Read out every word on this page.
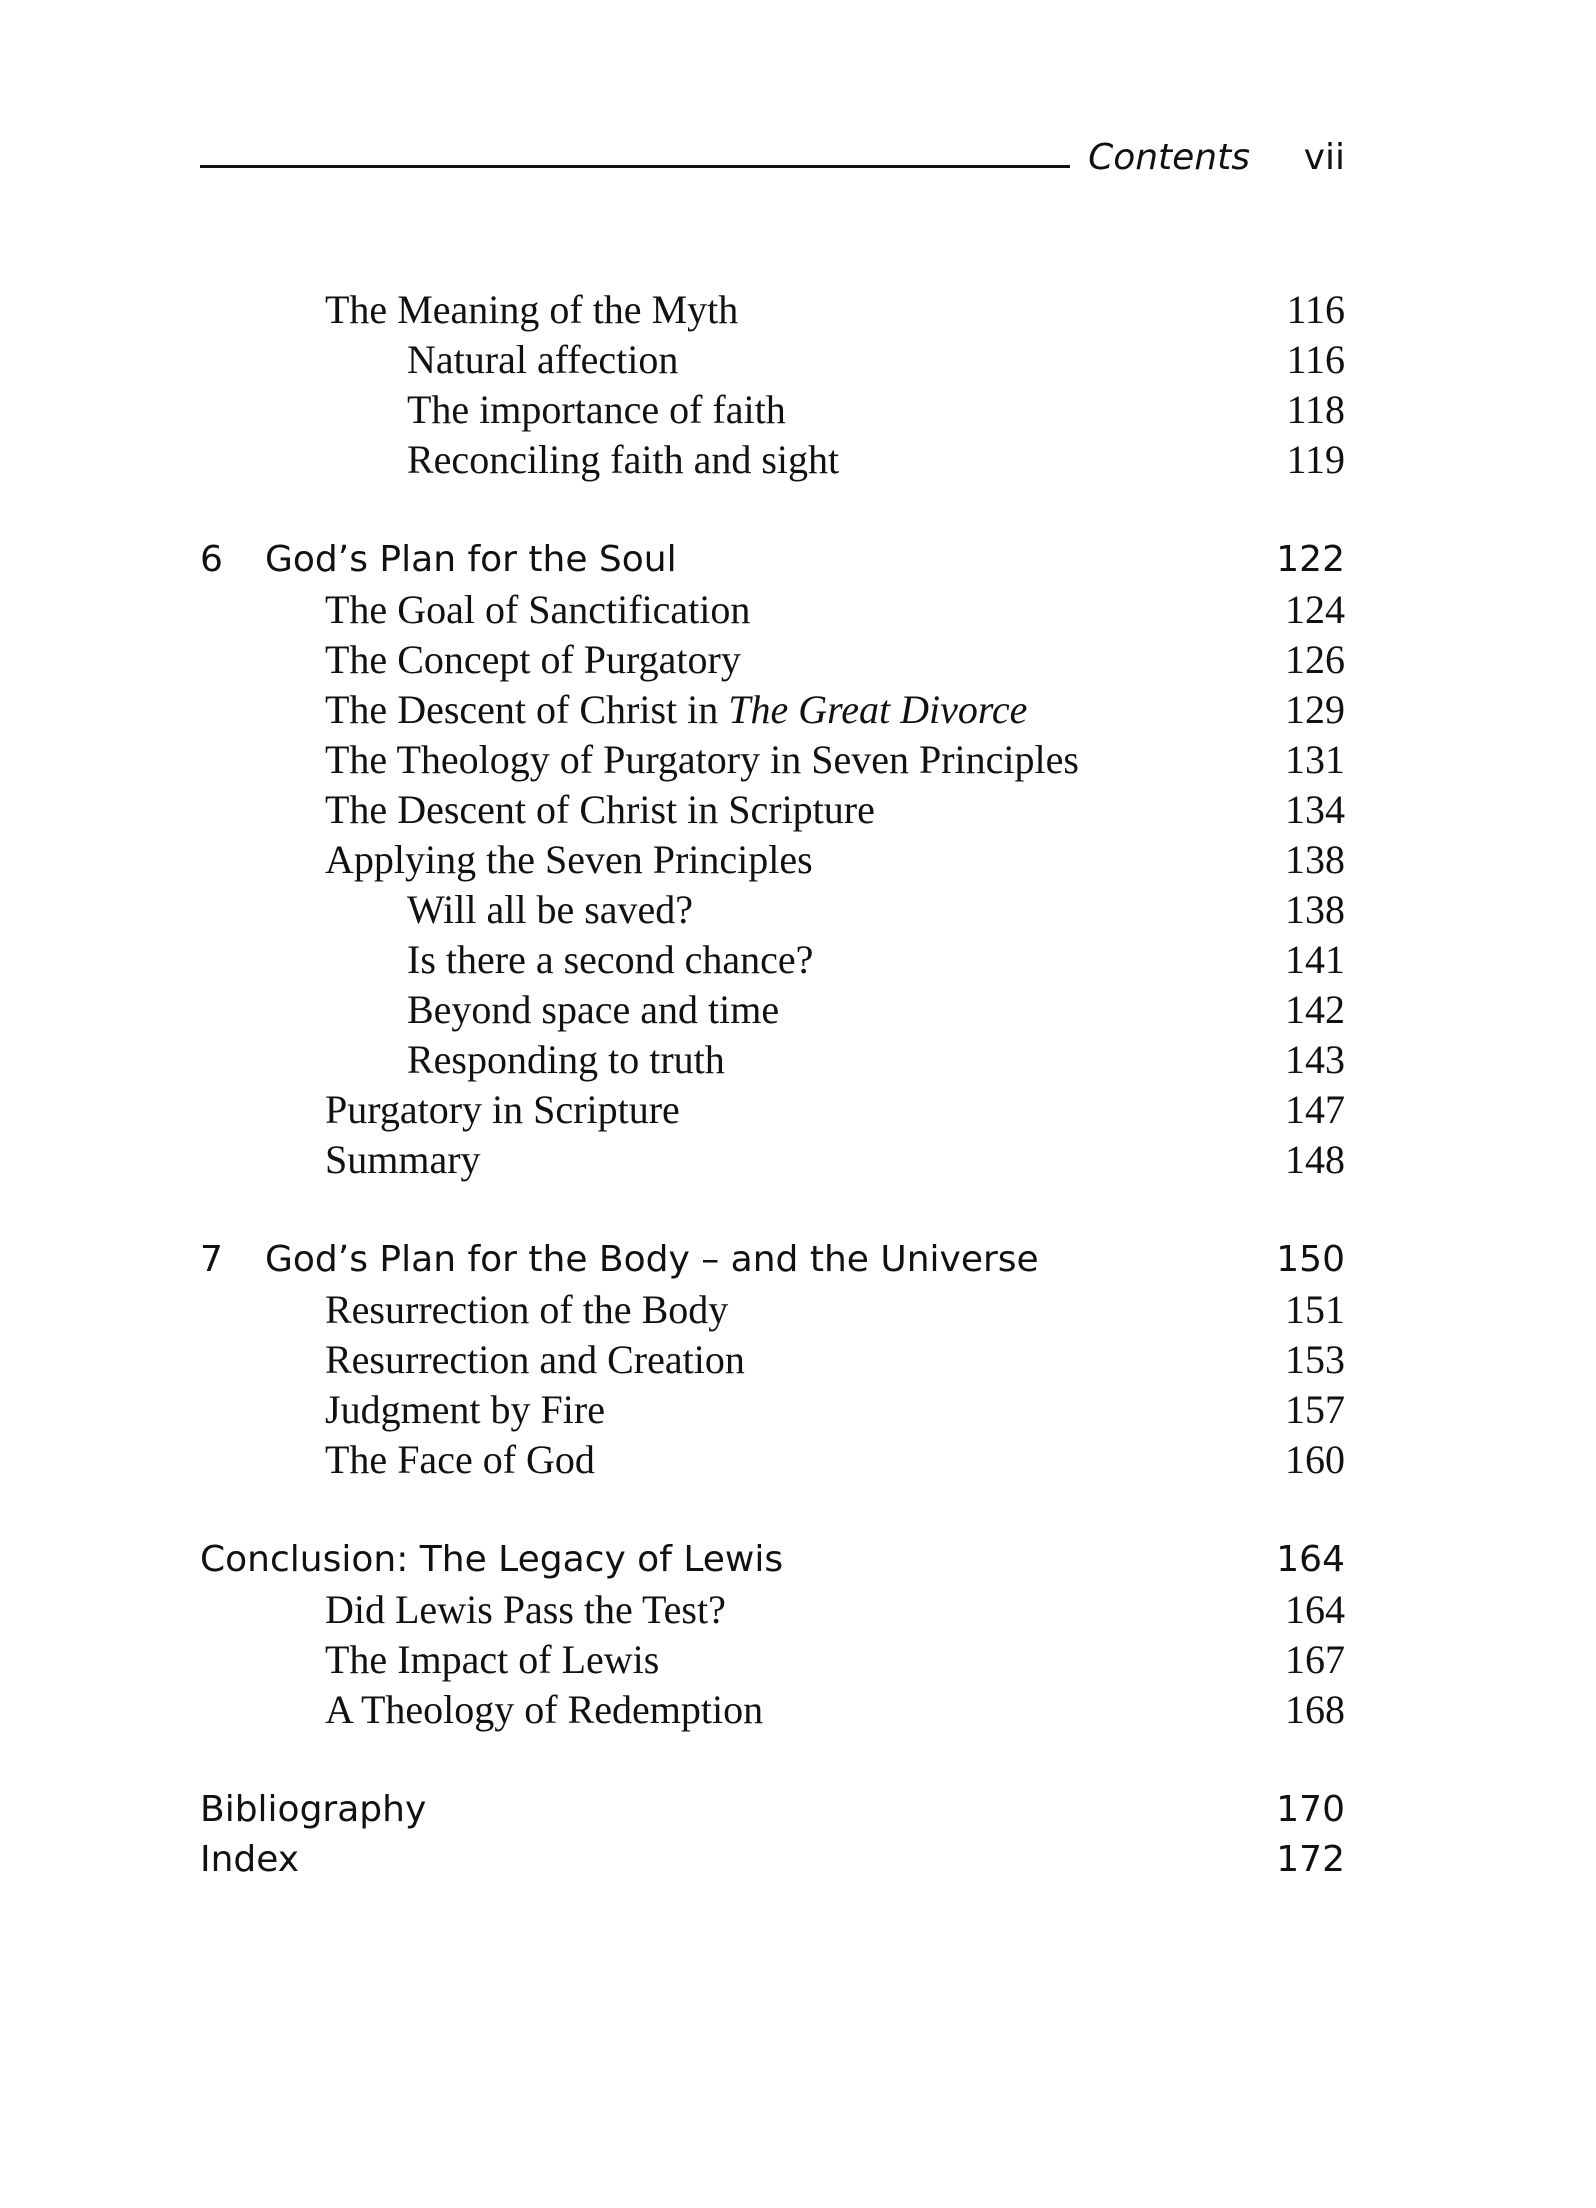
Contents vii
The Meaning of the Myth	116
Natural affection	116
The importance of faith	118
Reconciling faith and sight	119
6 God’s Plan for the Soul	122
The Goal of Sanctification	124
The Concept of Purgatory	126
The Descent of Christ in The Great Divorce	129
The Theology of Purgatory in Seven Principles	131
The Descent of Christ in Scripture	134
Applying the Seven Principles	138
Will all be saved?	138
Is there a second chance?	141
Beyond space and time	142
Responding to truth	143
Purgatory in Scripture	147
Summary	148
7 God’s Plan for the Body – and the Universe	150
Resurrection of the Body	151
Resurrection and Creation	153
Judgment by Fire	157
The Face of God	160
Conclusion: The Legacy of Lewis	164
Did Lewis Pass the Test?	164
The Impact of Lewis	167
A Theology of Redemption	168
Bibliography	170
Index	172
